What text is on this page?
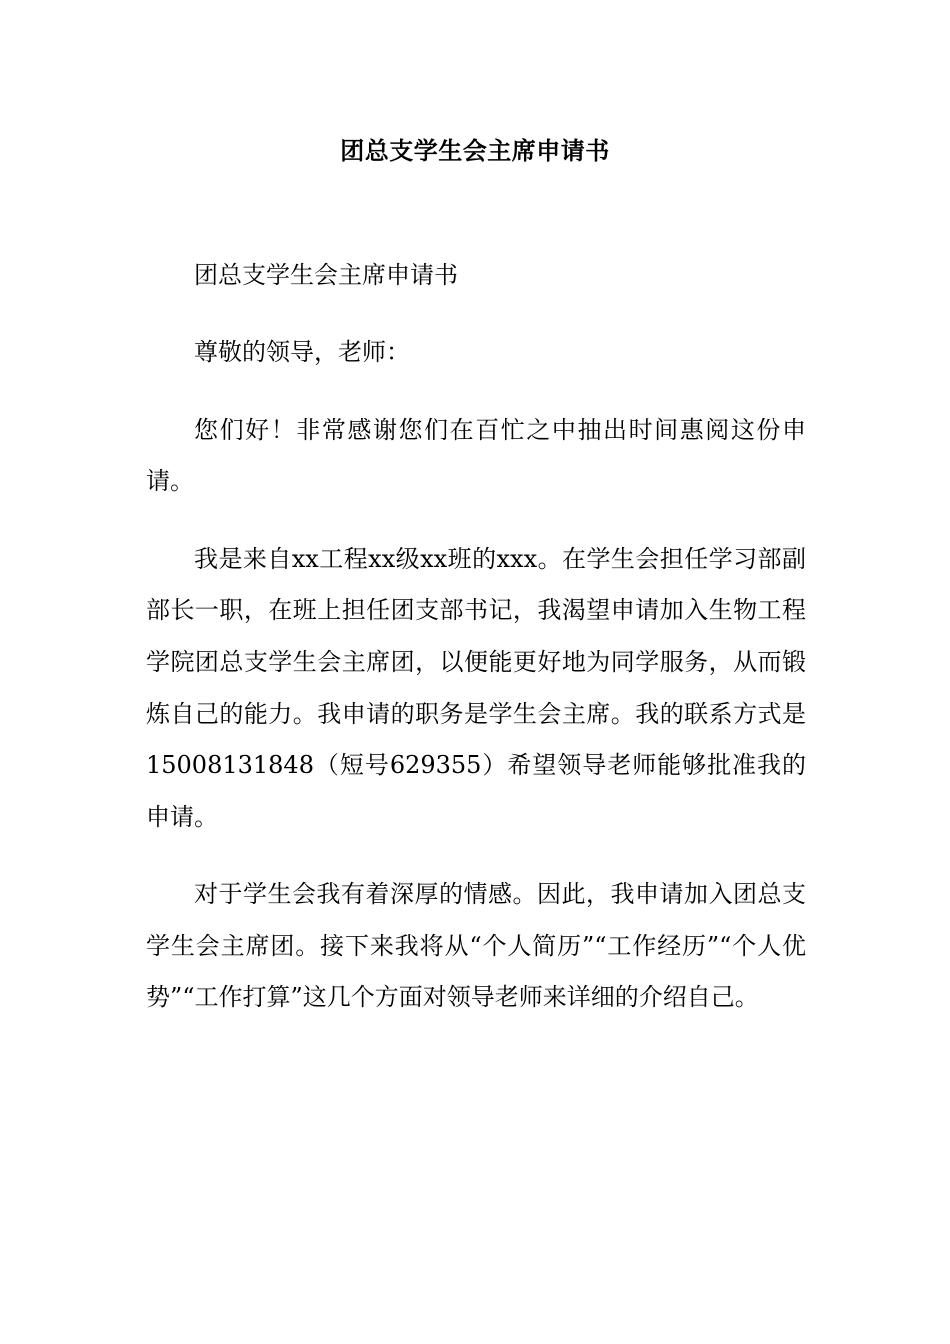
团总支学生会主席申请书

团总支学生会主席申请书

尊敬的领导，老师：

您们好！非常感谢您们在百忙之中抽出时间惠阅这份申请。

我是来自xx工程xx级xx班的xxx。在学生会担任学习部副部长一职，在班上担任团支部书记，我渴望申请加入生物工程学院团总支学生会主席团，以便能更好地为同学服务，从而锻炼自己的能力。我申请的职务是学生会主席。我的联系方式是15008131848（短号629355）希望领导老师能够批准我的申请。

对于学生会我有着深厚的情感。因此，我申请加入团总支学生会主席团。接下来我将从“个人简历”“工作经历”“个人优势”“工作打算”这几个方面对领导老师来详细的介绍自己。
